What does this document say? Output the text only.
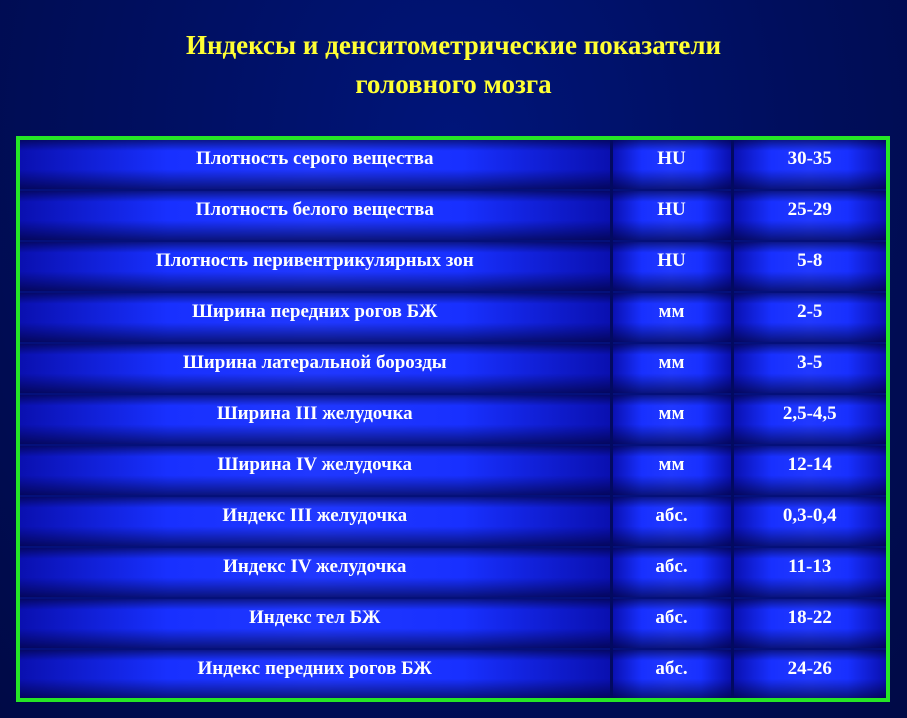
Индексы и денситометрические показатели
головного мозга
Плотность серого вещества	HU	30-35
Плотность белого вещества	HU	25-29
Плотность перивентрикулярных зон	HU	5-8
Ширина передних рогов БЖ	мм	2-5
Ширина латеральной борозды	мм	3-5
Ширина III желудочка	мм	2,5-4,5
Ширина IV желудочка	мм	12-14
Индекс III желудочка	абс.	0,3-0,4
Индекс IV желудочка	абс.	11-13
Индекс тел БЖ	абс.	18-22
Индекс передних рогов БЖ	абс.	24-26
